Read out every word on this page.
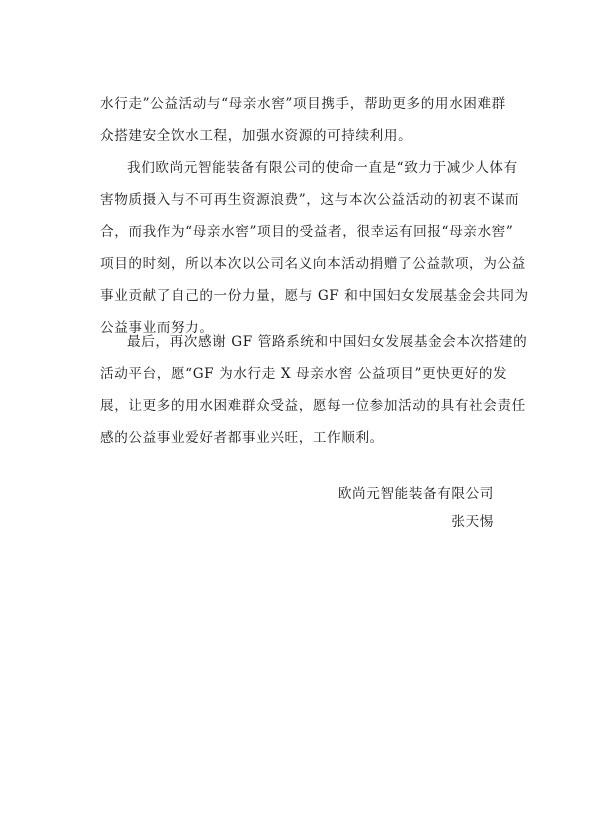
水行走”公益活动与“母亲水窖”项目携手，帮助更多的用水困难群
众搭建安全饮水工程，加强水资源的可持续利用。
我们欧尚元智能装备有限公司的使命一直是“致力于减少人体有
害物质摄入与不可再生资源浪费”，这与本次公益活动的初衷不谋而
合，而我作为“母亲水窖”项目的受益者，很幸运有回报“母亲水窖”
项目的时刻，所以本次以公司名义向本活动捐赠了公益款项，为公益
事业贡献了自己的一份力量，愿与 GF 和中国妇女发展基金会共同为
公益事业而努力。
最后，再次感谢 GF 管路系统和中国妇女发展基金会本次搭建的
活动平台，愿“GF 为水行走 X 母亲水窖 公益项目”更快更好的发
展，让更多的用水困难群众受益，愿每一位参加活动的具有社会责任
感的公益事业爱好者都事业兴旺，工作顺利。
欧尚元智能装备有限公司
张天惕
